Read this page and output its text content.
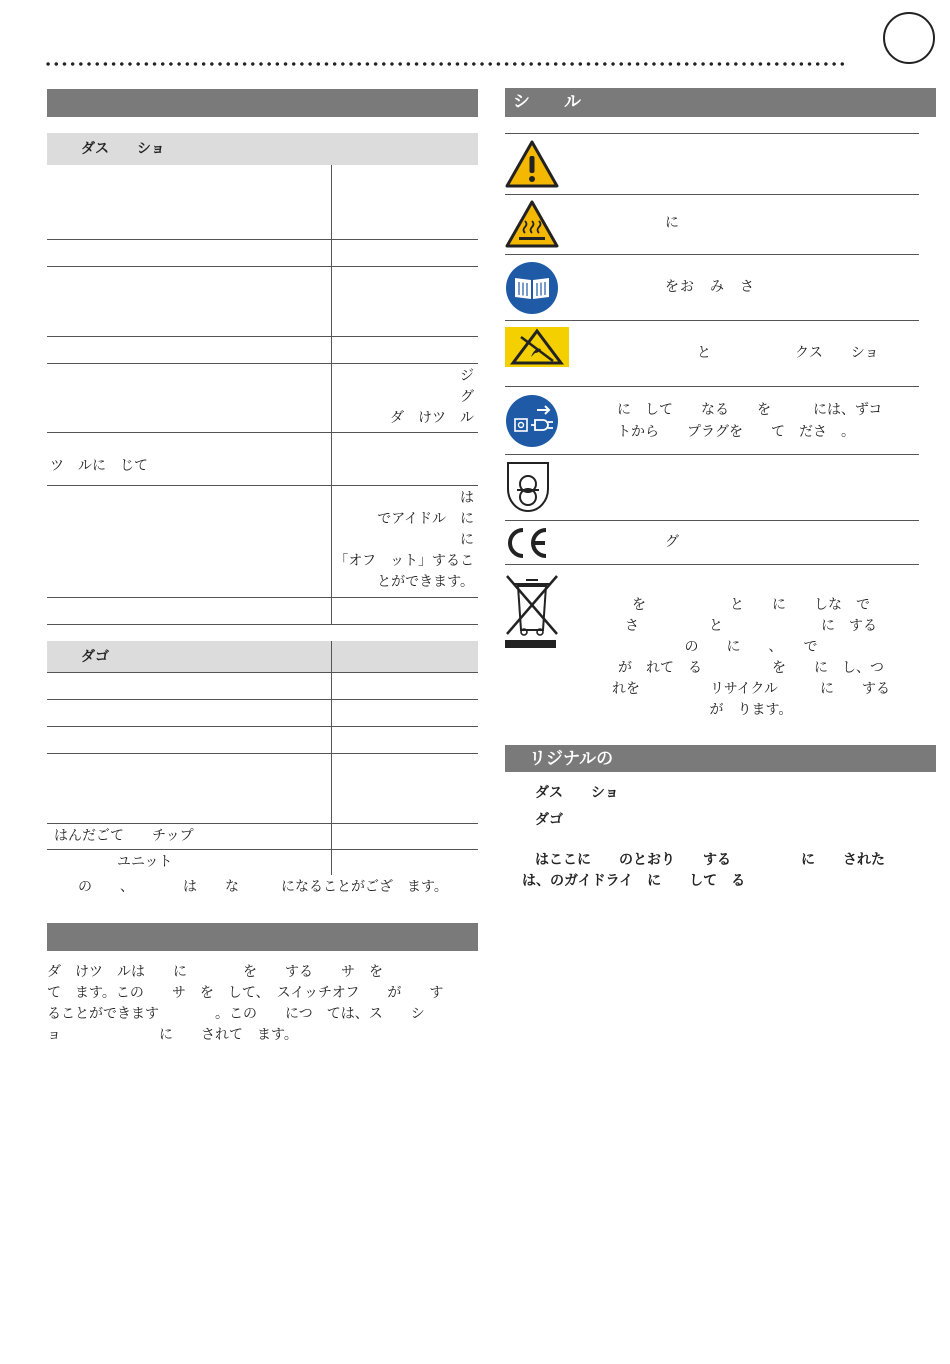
ダス　　ショ
ジ
グ
ダ　けツ　ル
ツ　ルに　じて
は
でアイドル　に
に
「オフ　ット」するこ
とができます。
ダゴ
はんだごて　　チップ
ユニット
の　　、　　　　は　　な　　　になることがござ　ます。
ダ　けツ　ルは　　に　　　　を　　する　　サ　を
て　ます。この　　サ　を　して、　スイッチオフ　　が　　す
ることができます　　　　。この　　につ　ては、ス　　シ
ョ　　　　　　　に　　されて　ます。
シ　　ル
に
をお　み　さ
と　　　　　　クス　　ショ
に　して　　なる　　を　　　には、ずコ
トから　　プラグを　　て　ださ　。
グ
を　　　　　　と　　に　　しな　で
さ　　　　　と　　　　　　　に　する
の　　に　　、　　で
が　れて　る　　　　　を　　に　し、つ
れを　　　　　リサイクル　　　に　　する
が　ります。
リジナルの
ダス　　ショ
ダゴ
はここに　　のとおり　　する　　　　　に　　された
は、のガイドライ　に　　して　る
